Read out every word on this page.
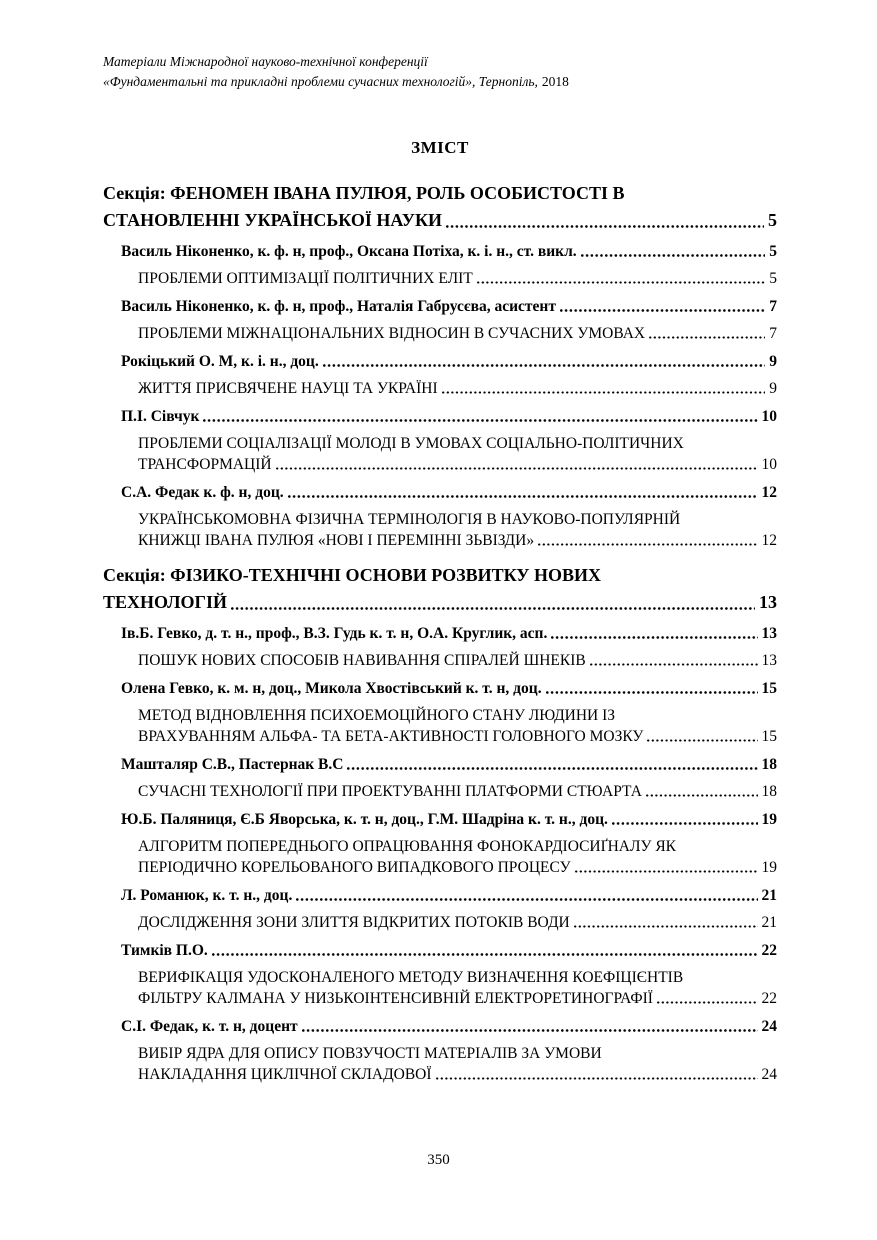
Матеріали Міжнародної науково-технічної конференції
«Фундаментальні та прикладні проблеми сучасних технологій», Тернопіль, 2018
ЗМІСТ
Секція: ФЕНОМЕН ІВАНА ПУЛЮЯ, РОЛЬ ОСОБИСТОСТІ В
СТАНОВЛЕННІ УКРАЇНСЬКОЇ НАУКИ	5
Василь Ніконенко, к. ф. н, проф., Оксана Потіха, к. і. н., ст. викл.	5
ПРОБЛЕМИ ОПТИМІЗАЦІЇ ПОЛІТИЧНИХ ЕЛІТ	5
Василь Ніконенко, к. ф. н, проф., Наталія Габрусєва, асистент	7
ПРОБЛЕМИ МІЖНАЦІОНАЛЬНИХ ВІДНОСИН В СУЧАСНИХ УМОВАХ	7
Рокіцький О. М, к. і. н., доц.	9
ЖИТТЯ ПРИСВЯЧЕНЕ НАУЦІ ТА УКРАЇНІ	9
П.І. Сівчук	10
ПРОБЛЕМИ СОЦІАЛІЗАЦІЇ МОЛОДІ В УМОВАХ СОЦІАЛЬНО-ПОЛІТИЧНИХ
ТРАНСФОРМАЦІЙ	10
С.А. Федак к. ф. н, доц.	12
УКРАЇНСЬКОМОВНА ФІЗИЧНА ТЕРМІНОЛОГІЯ В НАУКОВО-ПОПУЛЯРНІЙ
КНИЖЦІ ІВАНА ПУЛЮЯ «НОВІ І ПЕРЕМІННІ ЗЬВІЗДИ»	12
Секція: ФІЗИКО-ТЕХНІЧНІ ОСНОВИ РОЗВИТКУ НОВИХ
ТЕХНОЛОГІЙ	13
Ів.Б. Гевко, д. т. н., проф., В.З. Гудь к. т. н, О.А. Круглик, асп.	13
ПОШУК НОВИХ СПОСОБІВ НАВИВАННЯ СПІРАЛЕЙ ШНЕКІВ	13
Олена Гевко, к. м. н, доц., Микола Хвостівський к. т. н, доц.	15
МЕТОД ВІДНОВЛЕННЯ ПСИХОЕМОЦІЙНОГО СТАНУ ЛЮДИНИ ІЗ
ВРАХУВАННЯМ АЛЬФА- ТА БЕТА-АКТИВНОСТІ ГОЛОВНОГО МОЗКУ	15
Машталяр С.В., Пастернак В.С	18
СУЧАСНІ ТЕХНОЛОГІЇ ПРИ ПРОЕКТУВАННІ ПЛАТФОРМИ СТЮАРТА	18
Ю.Б. Паляниця, Є.Б Яворська, к. т. н, доц., Г.М. Шадріна к. т. н., доц.	19
АЛГОРИТМ ПОПЕРЕДНЬОГО ОПРАЦЮВАННЯ ФОНОКАРДІОСИҐНАЛУ ЯК
ПЕРІОДИЧНО КОРЕЛЬОВАНОГО ВИПАДКОВОГО ПРОЦЕСУ	19
Л. Романюк, к. т. н., доц.	21
ДОСЛІДЖЕННЯ ЗОНИ ЗЛИТТЯ ВІДКРИТИХ ПОТОКІВ ВОДИ	21
Тимків П.О.	22
ВЕРИФІКАЦІЯ УДОСКОНАЛЕНОГО МЕТОДУ ВИЗНАЧЕННЯ КОЕФІЦІЄНТІВ
ФІЛЬТРУ КАЛМАНА У НИЗЬКОІНТЕНСИВНІЙ ЕЛЕКТРОРЕТИНОГРАФІЇ	22
С.І. Федак, к. т. н, доцент	24
ВИБІР ЯДРА ДЛЯ ОПИСУ ПОВЗУЧОСТІ МАТЕРІАЛІВ ЗА УМОВИ
НАКЛАДАННЯ ЦИКЛІЧНОЇ СКЛАДОВОЇ	24
350
